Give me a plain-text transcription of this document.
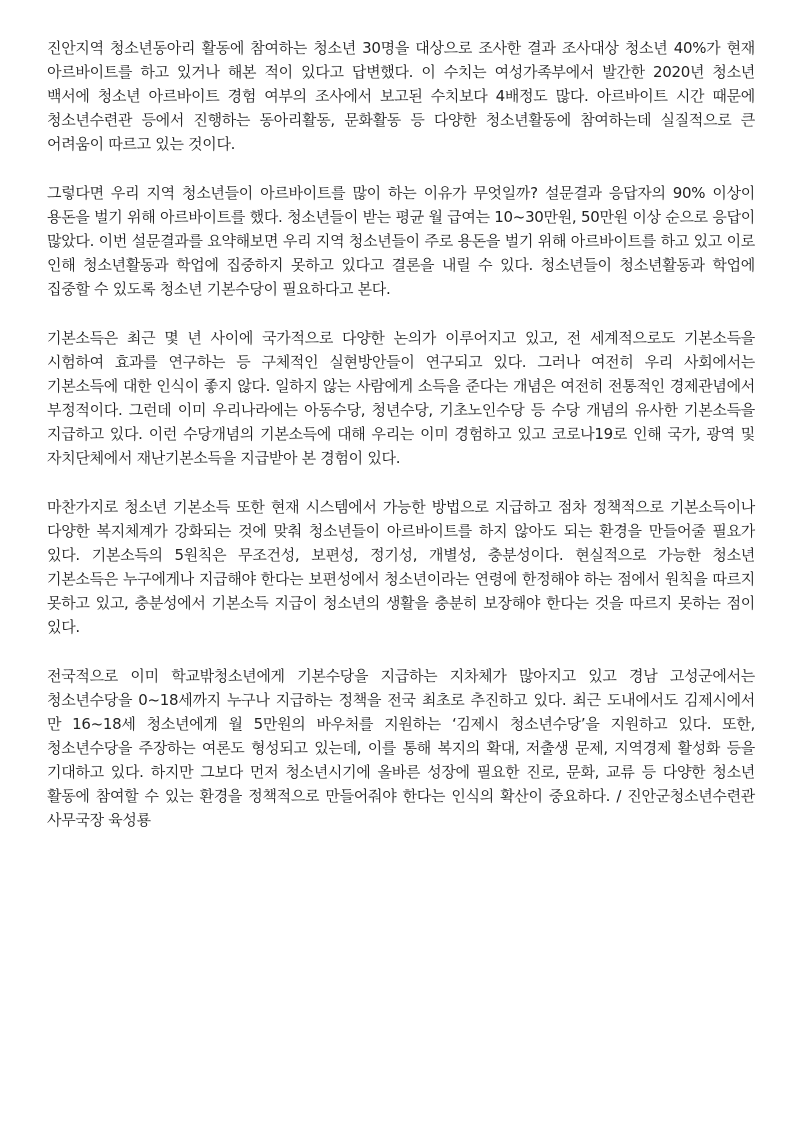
진안지역 청소년동아리 활동에 참여하는 청소년 30명을 대상으로 조사한 결과 조사대상 청소년 40%가 현재 아르바이트를 하고 있거나 해본 적이 있다고 답변했다. 이 수치는 여성가족부에서 발간한 2020년 청소년 백서에 청소년 아르바이트 경험 여부의 조사에서 보고된 수치보다 4배정도 많다. 아르바이트 시간 때문에 청소년수련관 등에서 진행하는 동아리활동, 문화활동 등 다양한 청소년활동에 참여하는데 실질적으로 큰 어려움이 따르고 있는 것이다.

그렇다면 우리 지역 청소년들이 아르바이트를 많이 하는 이유가 무엇일까? 설문결과 응답자의 90% 이상이 용돈을 벌기 위해 아르바이트를 했다. 청소년들이 받는 평균 월 급여는 10~30만원, 50만원 이상 순으로 응답이 많았다. 이번 설문결과를 요약해보면 우리 지역 청소년들이 주로 용돈을 벌기 위해 아르바이트를 하고 있고 이로 인해 청소년활동과 학업에 집중하지 못하고 있다고 결론을 내릴 수 있다. 청소년들이 청소년활동과 학업에 집중할 수 있도록 청소년 기본수당이 필요하다고 본다.

기본소득은 최근 몇 년 사이에 국가적으로 다양한 논의가 이루어지고 있고, 전 세계적으로도 기본소득을 시험하여 효과를 연구하는 등 구체적인 실현방안들이 연구되고 있다. 그러나 여전히 우리 사회에서는 기본소득에 대한 인식이 좋지 않다. 일하지 않는 사람에게 소득을 준다는 개념은 여전히 전통적인 경제관념에서 부정적이다. 그런데 이미 우리나라에는 아동수당, 청년수당, 기초노인수당 등 수당 개념의 유사한 기본소득을 지급하고 있다. 이런 수당개념의 기본소득에 대해 우리는 이미 경험하고 있고 코로나19로 인해 국가, 광역 및 자치단체에서 재난기본소득을 지급받아 본 경험이 있다.

마찬가지로 청소년 기본소득 또한 현재 시스템에서 가능한 방법으로 지급하고 점차 정책적으로 기본소득이나 다양한 복지체계가 강화되는 것에 맞춰 청소년들이 아르바이트를 하지 않아도 되는 환경을 만들어줄 필요가 있다. 기본소득의 5원칙은 무조건성, 보편성, 정기성, 개별성, 충분성이다. 현실적으로 가능한 청소년 기본소득은 누구에게나 지급해야 한다는 보편성에서 청소년이라는 연령에 한정해야 하는 점에서 원칙을 따르지 못하고 있고, 충분성에서 기본소득 지급이 청소년의 생활을 충분히 보장해야 한다는 것을 따르지 못하는 점이 있다.

전국적으로 이미 학교밖청소년에게 기본수당을 지급하는 지차체가 많아지고 있고 경남 고성군에서는 청소년수당을 0~18세까지 누구나 지급하는 정책을 전국 최초로 추진하고 있다. 최근 도내에서도 김제시에서 만 16~18세 청소년에게 월 5만원의 바우처를 지원하는 ‘김제시 청소년수당’을 지원하고 있다. 또한, 청소년수당을 주장하는 여론도 형성되고 있는데, 이를 통해 복지의 확대, 저출생 문제, 지역경제 활성화 등을 기대하고 있다. 하지만 그보다 먼저 청소년시기에 올바른 성장에 필요한 진로, 문화, 교류 등 다양한 청소년 활동에 참여할 수 있는 환경을 정책적으로 만들어줘야 한다는 인식의 확산이 중요하다. / 진안군청소년수련관 사무국장 육성룡
